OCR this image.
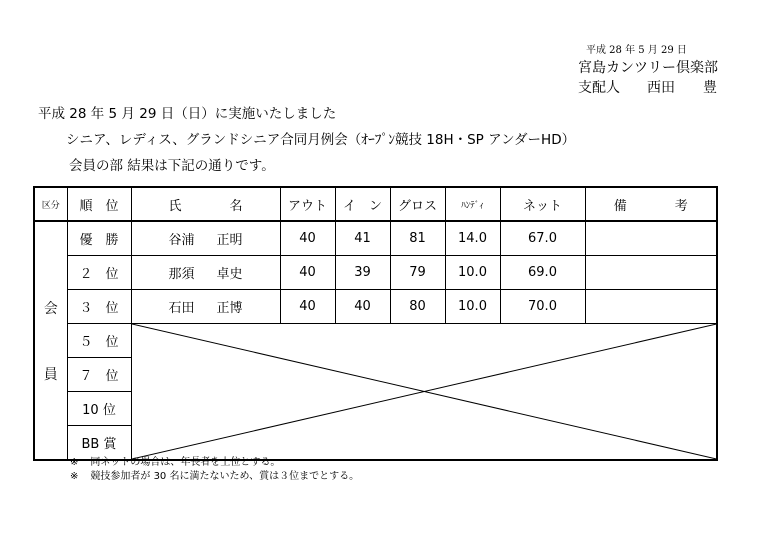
平成 28 年 5 月 29 日
宮島カンツリー倶楽部
支配人 西田 豊
平成 28 年 5 月 29 日（日）に実施いたしました
シニア、レディス、グランドシニア合同月例会（ｵｰﾌﾟﾝ競技 18H・SP アンダーHD）
会員の部 結果は下記の通りです。
区分	順　位	氏 名	アウト	イ　ン	グロス	ﾊﾝﾃﾞｨ	ネット	備 考

会
員	優　勝	谷浦 正明	40	41	81	14.0	67.0	
	２　位	那須 卓史	40	39	79	10.0	69.0	
	３　位	石田 正博	40	40	80	10.0	70.0	
	５　位	

	７　位							
	10 位							
	BB 賞							
※ 同ネットの場合は、年長者を上位とする。
※ 競技参加者が 30 名に満たないため、賞は３位までとする。
